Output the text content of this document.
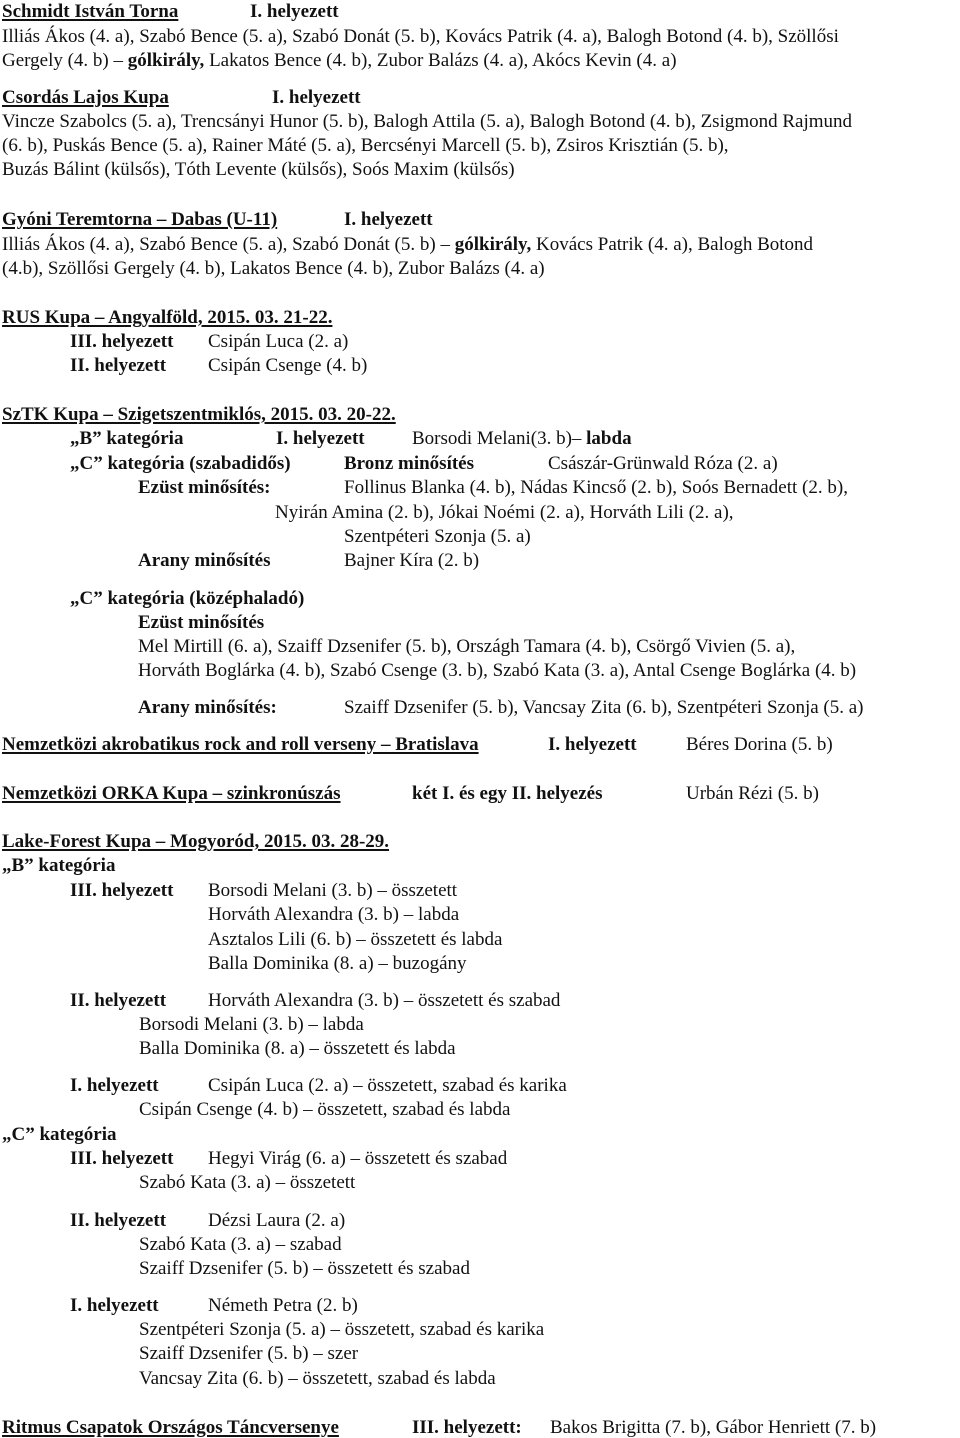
Schmidt István Torna	I. helyezett
Illiás Ákos (4. a), Szabó Bence (5. a), Szabó Donát (5. b), Kovács Patrik (4. a), Balogh Botond (4. b), Szöllősi
Gergely (4. b) – gólkirály, Lakatos Bence (4. b), Zubor Balázs (4. a), Akócs Kevin (4. a)
Csordás Lajos Kupa	I. helyezett
Vincze Szabolcs (5. a), Trencsányi Hunor (5. b), Balogh Attila (5. a), Balogh Botond (4. b), Zsigmond Rajmund
(6. b), Puskás Bence (5. a), Rainer Máté (5. a), Bercsényi Marcell (5. b), Zsiros Krisztián (5. b),
Buzás Bálint (külsős), Tóth Levente (külsős), Soós Maxim (külsős)
Gyóni Teremtorna – Dabas (U-11)	I. helyezett
Illiás Ákos (4. a), Szabó Bence (5. a), Szabó Donát (5. b) – gólkirály, Kovács Patrik (4. a), Balogh Botond
(4.b), Szöllősi Gergely (4. b), Lakatos Bence (4. b), Zubor Balázs (4. a)
RUS Kupa – Angyalföld, 2015. 03. 21-22.
III. helyezett Csipán Luca (2. a)
II. helyezett Csipán Csenge (4. b)
SzTK Kupa – Szigetszentmiklós, 2015. 03. 20-22.
„B” kategória	I. helyezett Borsodi Melani(3. b)– labda
„C” kategória (szabadidős)	Bronz minősítés	Császár-Grünwald Róza (2. a)
Ezüst minősítés:	Follinus Blanka (4. b), Nádas Kincső (2. b), Soós Bernadett (2. b),
Nyirán Amina (2. b), Jókai Noémi (2. a), Horváth Lili (2. a),
Szentpéteri Szonja (5. a)
Arany minősítés	Bajner Kíra (2. b)
„C” kategória (középhaladó)
Ezüst minősítés
Mel Mirtill (6. a), Szaiff Dzsenifer (5. b), Országh Tamara (4. b), Csörgő Vivien (5. a),
Horváth Boglárka (4. b), Szabó Csenge (3. b), Szabó Kata (3. a), Antal Csenge Boglárka (4. b)
Arany minősítés:	Szaiff Dzsenifer (5. b), Vancsay Zita (6. b), Szentpéteri Szonja (5. a)
Nemzetközi akrobatikus rock and roll verseny – Bratislava	I. helyezett	Béres Dorina (5. b)
Nemzetközi ORKA Kupa – szinkronúszás	két I. és egy II. helyezés	Urbán Rézi (5. b)
Lake-Forest Kupa – Mogyoród, 2015. 03. 28-29.
„B” kategória
III. helyezett Borsodi Melani (3. b) – összetett
Horváth Alexandra (3. b) – labda
Asztalos Lili (6. b) – összetett és labda
Balla Dominika (8. a) – buzogány
II. helyezett Horváth Alexandra (3. b) – összetett és szabad
Borsodi Melani (3. b) – labda
Balla Dominika (8. a) – összetett és labda
I. helyezett	Csipán Luca (2. a) – összetett, szabad és karika
Csipán Csenge (4. b) – összetett, szabad és labda
„C” kategória
III. helyezett Hegyi Virág (6. a) – összetett és szabad
Szabó Kata (3. a) – összetett
II. helyezett Dézsi Laura (2. a)
Szabó Kata (3. a) – szabad
Szaiff Dzsenifer (5. b) – összetett és szabad
I. helyezett	Németh Petra (2. b)
Szentpéteri Szonja (5. a) – összetett, szabad és karika
Szaiff Dzsenifer (5. b) – szer
Vancsay Zita (6. b) – összetett, szabad és labda
Ritmus Csapatok Országos Táncversenye	III. helyezett: Bakos Brigitta (7. b), Gábor Henriett (7. b)
